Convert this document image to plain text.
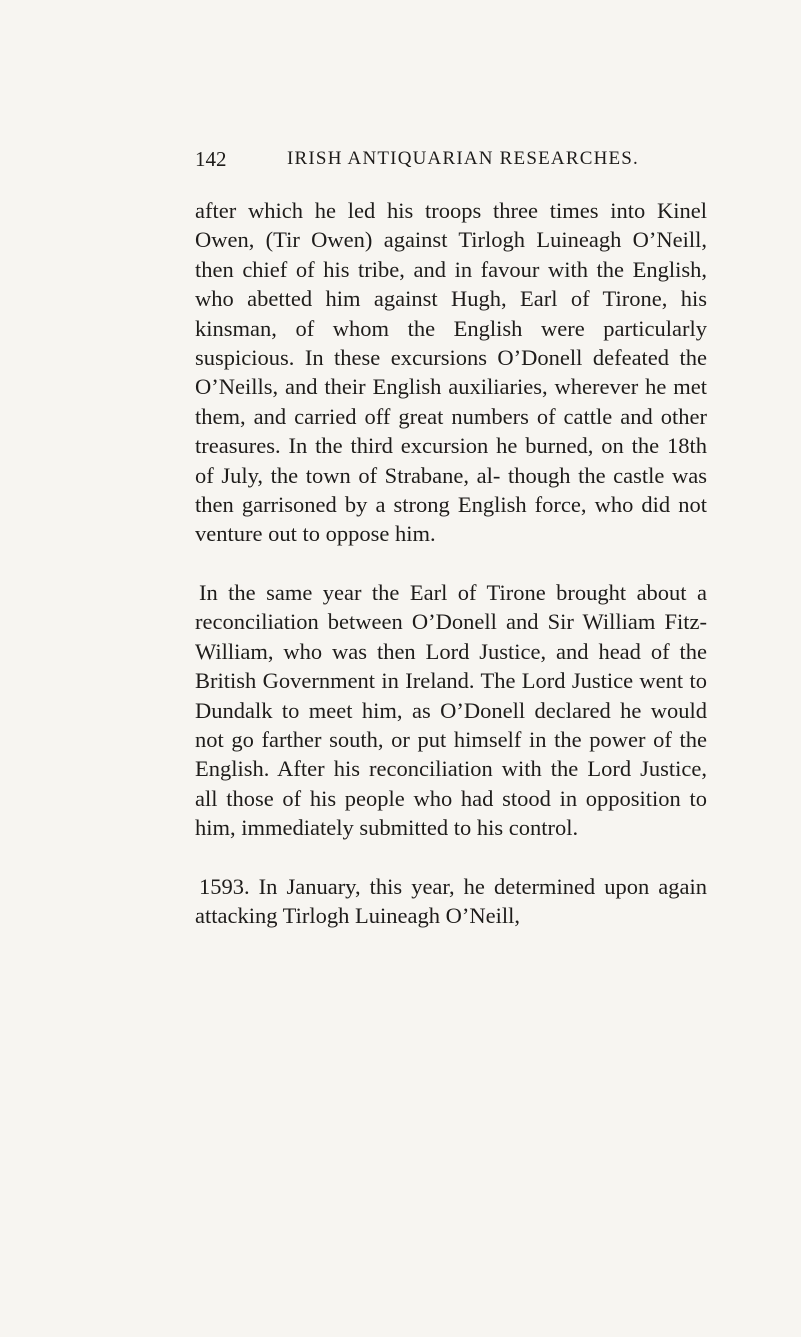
142	IRISH ANTIQUARIAN RESEARCHES.

after which he led his troops three times into Kinel Owen, (Tir Owen) against Tirlogh Luineagh O’Neill, then chief of his tribe, and in favour with the English, who abetted him against Hugh, Earl of Tirone, his kinsman, of whom the English were particularly suspicious. In these excursions O’Donell defeated the O’Neills, and their English auxiliaries, wherever he met them, and carried off great numbers of cattle and other treasures. In the third excursion he burned, on the 18th of July, the town of Strabane, al- though the castle was then garrisoned by a strong English force, who did not venture out to oppose him.

In the same year the Earl of Tirone brought about a reconciliation between O’Donell and Sir William Fitz-William, who was then Lord Justice, and head of the British Government in Ireland. The Lord Justice went to Dundalk to meet him, as O’Donell declared he would not go farther south, or put himself in the power of the English. After his reconciliation with the Lord Justice, all those of his people who had stood in opposition to him, immediately submitted to his control.

1593. In January, this year, he determined upon again attacking Tirlogh Luineagh O’Neill,
